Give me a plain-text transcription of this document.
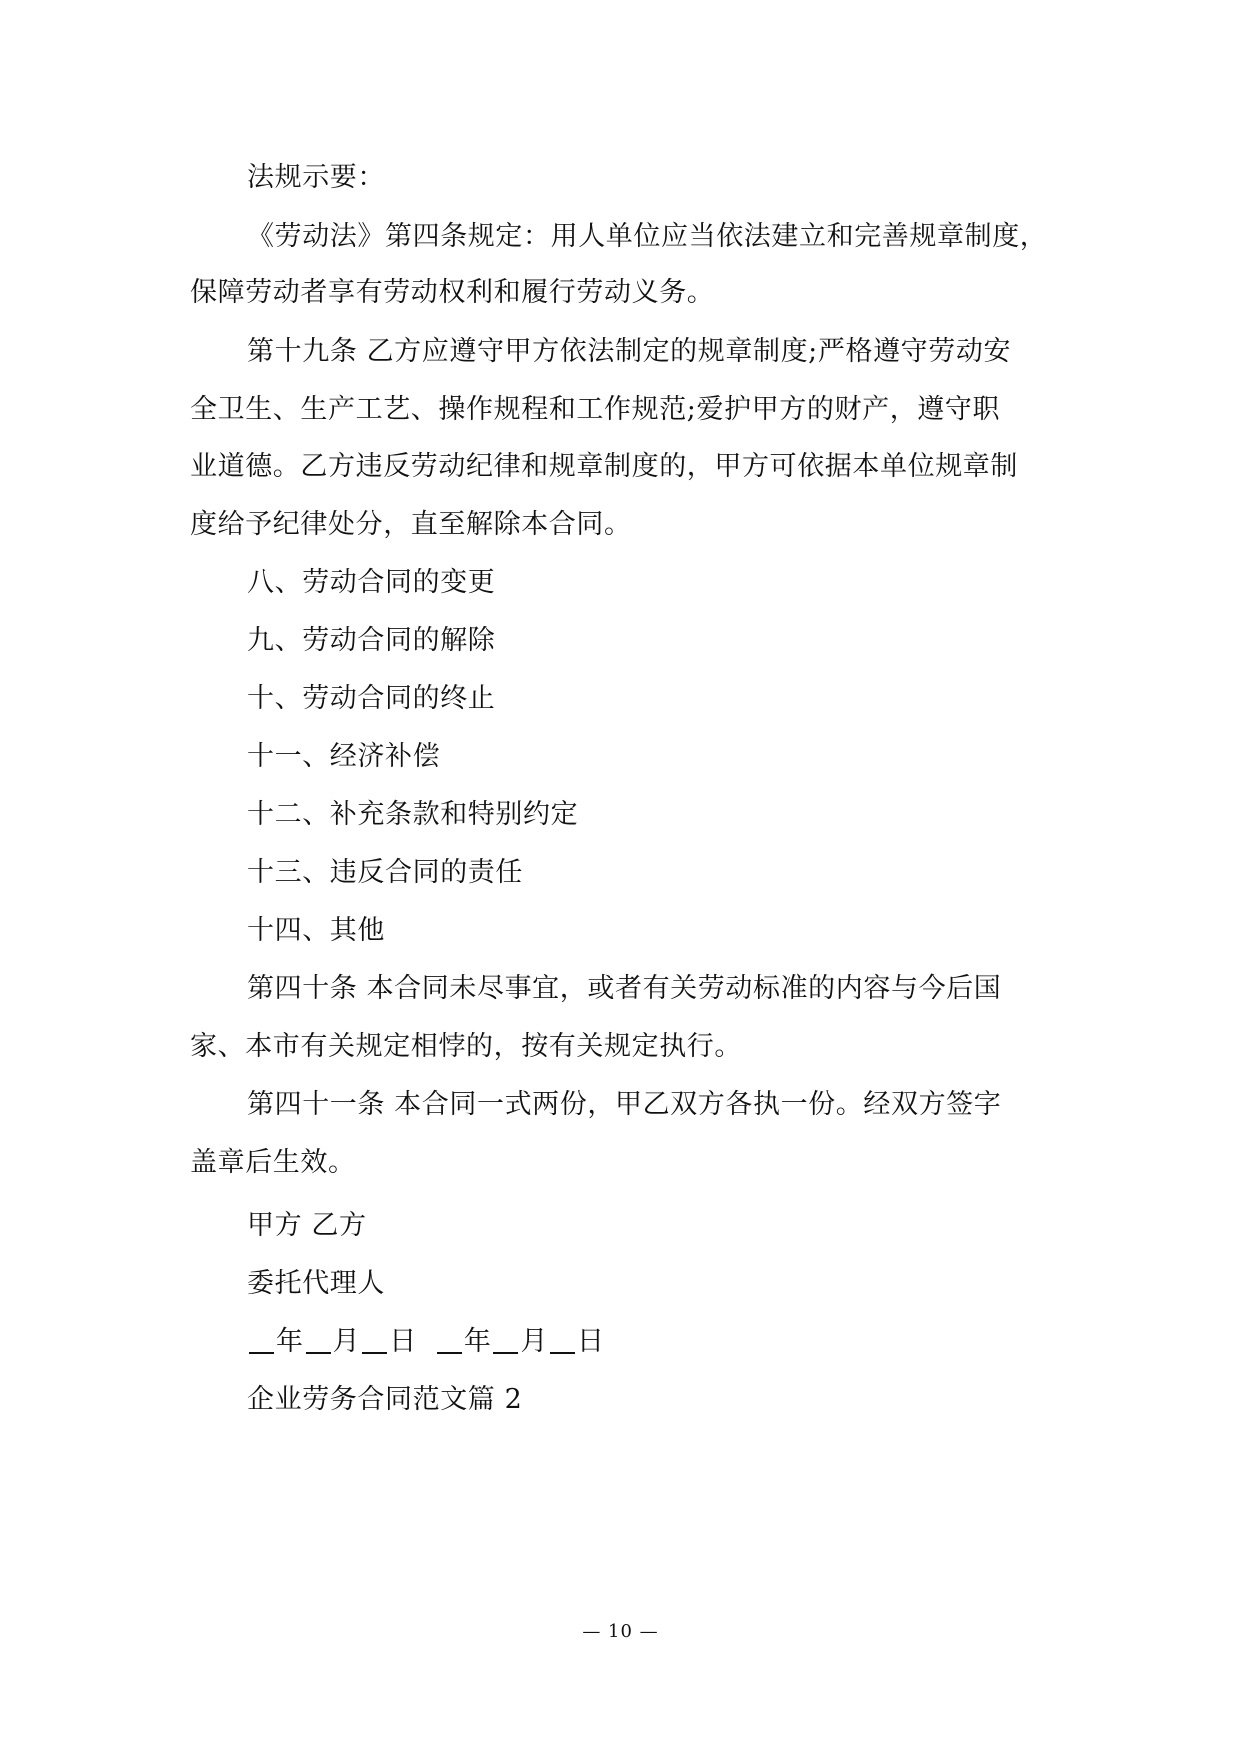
法规示要：
《劳动法》第四条规定：用人单位应当依法建立和完善规章制度，
保障劳动者享有劳动权利和履行劳动义务。
第十九条 乙方应遵守甲方依法制定的规章制度;严格遵守劳动安
全卫生、生产工艺、操作规程和工作规范;爱护甲方的财产，遵守职
业道德。乙方违反劳动纪律和规章制度的，甲方可依据本单位规章制
度给予纪律处分，直至解除本合同。
八、劳动合同的变更
九、劳动合同的解除
十、劳动合同的终止
十一、经济补偿
十二、补充条款和特别约定
十三、违反合同的责任
十四、其他
第四十条 本合同未尽事宜，或者有关劳动标准的内容与今后国
家、本市有关规定相悖的，按有关规定执行。
第四十一条 本合同一式两份，甲乙双方各执一份。经双方签字
盖章后生效。
甲方 乙方
委托代理人
年 月 日 年 月 日
企业劳务合同范文篇 2
— 10 —
